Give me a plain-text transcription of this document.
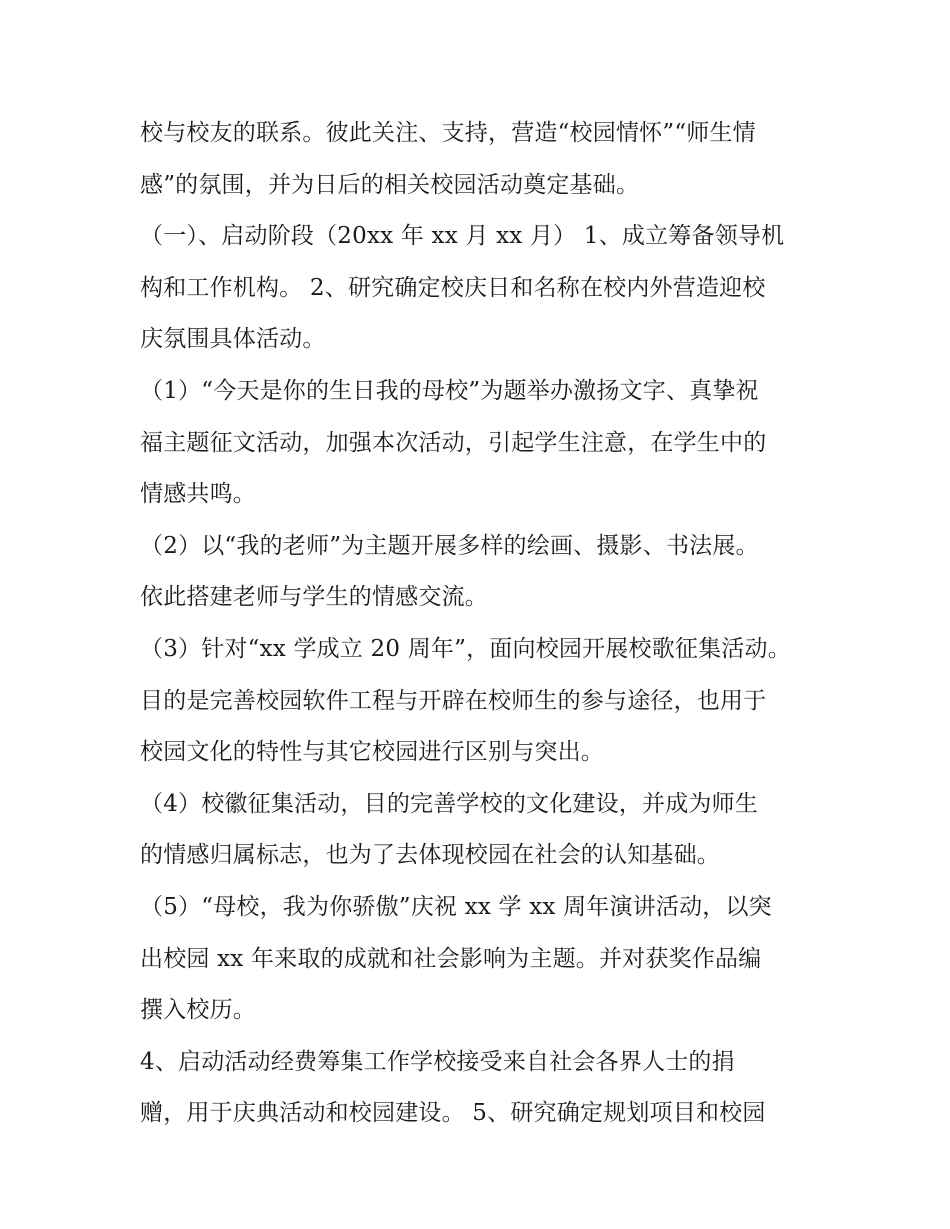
校与校友的联系。彼此关注、支持，营造“校园情怀”“师生情
感”的氛围，并为日后的相关校园活动奠定基础。
（一）、启动阶段（20xx 年 xx 月 xx 月） 1、成立筹备领导机
构和工作机构。 2、研究确定校庆日和名称在校内外营造迎校
庆氛围具体活动。
（1）“今天是你的生日我的母校”为题举办激扬文字、真挚祝
福主题征文活动，加强本次活动，引起学生注意，在学生中的
情感共鸣。
（2）以“我的老师”为主题开展多样的绘画、摄影、书法展。
依此搭建老师与学生的情感交流。
（3）针对“xx 学成立 20 周年”，面向校园开展校歌征集活动。
目的是完善校园软件工程与开辟在校师生的参与途径，也用于
校园文化的特性与其它校园进行区别与突出。
（4）校徽征集活动，目的完善学校的文化建设，并成为师生
的情感归属标志，也为了去体现校园在社会的认知基础。
（5）“母校，我为你骄傲”庆祝 xx 学 xx 周年演讲活动，以突
出校园 xx 年来取的成就和社会影响为主题。并对获奖作品编
撰入校历。
4、启动活动经费筹集工作学校接受来自社会各界人士的捐
赠，用于庆典活动和校园建设。 5、研究确定规划项目和校园
